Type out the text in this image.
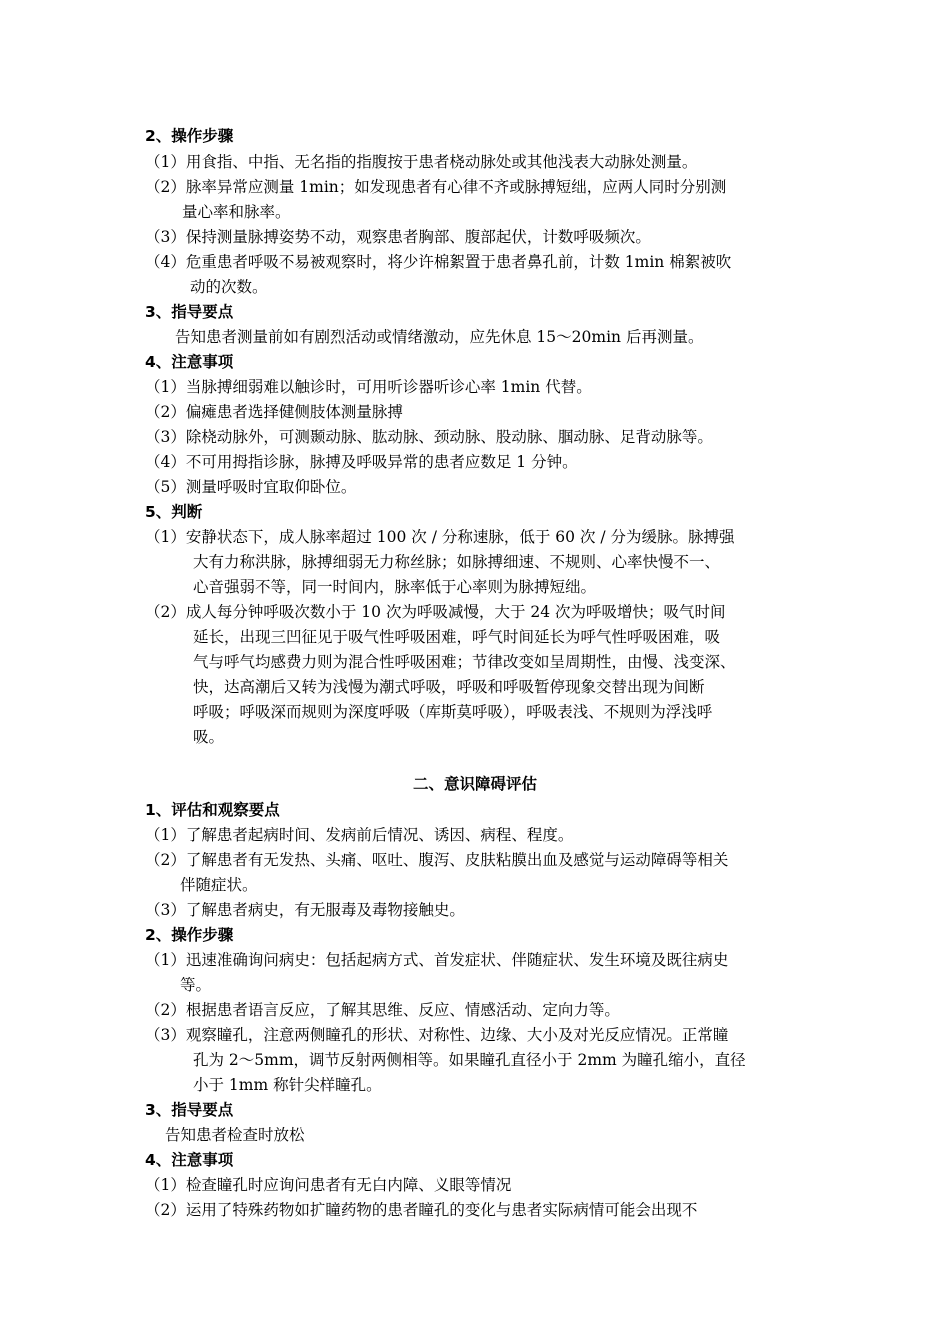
2、操作步骤
（1）用食指、中指、无名指的指腹按于患者桡动脉处或其他浅表大动脉处测量。
（2）脉率异常应测量 1min；如发现患者有心律不齐或脉搏短绌，应两人同时分别测
量心率和脉率。
（3）保持测量脉搏姿势不动，观察患者胸部、腹部起伏，计数呼吸频次。
（4）危重患者呼吸不易被观察时，将少许棉絮置于患者鼻孔前，计数 1min 棉絮被吹
动的次数。
3、指导要点
告知患者测量前如有剧烈活动或情绪激动，应先休息 15～20min 后再测量。
4、注意事项
（1）当脉搏细弱难以触诊时，可用听诊器听诊心率 1min 代替。
（2）偏瘫患者选择健侧肢体测量脉搏
（3）除桡动脉外，可测颞动脉、肱动脉、颈动脉、股动脉、腘动脉、足背动脉等。
（4）不可用拇指诊脉，脉搏及呼吸异常的患者应数足 1 分钟。
（5）测量呼吸时宜取仰卧位。
5、判断
（1）安静状态下，成人脉率超过 100 次 / 分称速脉，低于 60 次 / 分为缓脉。脉搏强
大有力称洪脉，脉搏细弱无力称丝脉；如脉搏细速、不规则、心率快慢不一、
心音强弱不等，同一时间内，脉率低于心率则为脉搏短绌。
（2）成人每分钟呼吸次数小于 10 次为呼吸减慢，大于 24 次为呼吸增快；吸气时间
延长，出现三凹征见于吸气性呼吸困难，呼气时间延长为呼气性呼吸困难，吸
气与呼气均感费力则为混合性呼吸困难；节律改变如呈周期性，由慢、浅变深、
快，达高潮后又转为浅慢为潮式呼吸，呼吸和呼吸暂停现象交替出现为间断
呼吸；呼吸深而规则为深度呼吸（库斯莫呼吸），呼吸表浅、不规则为浮浅呼
吸。
二、意识障碍评估
1、评估和观察要点
（1）了解患者起病时间、发病前后情况、诱因、病程、程度。
（2）了解患者有无发热、头痛、呕吐、腹泻、皮肤粘膜出血及感觉与运动障碍等相关
伴随症状。
（3）了解患者病史，有无服毒及毒物接触史。
2、操作步骤
（1）迅速准确询问病史：包括起病方式、首发症状、伴随症状、发生环境及既往病史
等。
（2）根据患者语言反应，了解其思维、反应、情感活动、定向力等。
（3）观察瞳孔，注意两侧瞳孔的形状、对称性、边缘、大小及对光反应情况。正常瞳
孔为 2～5mm，调节反射两侧相等。如果瞳孔直径小于 2mm 为瞳孔缩小，直径
小于 1mm 称针尖样瞳孔。
3、指导要点
告知患者检查时放松
4、注意事项
（1）检查瞳孔时应询问患者有无白内障、义眼等情况
（2）运用了特殊药物如扩瞳药物的患者瞳孔的变化与患者实际病情可能会出现不
